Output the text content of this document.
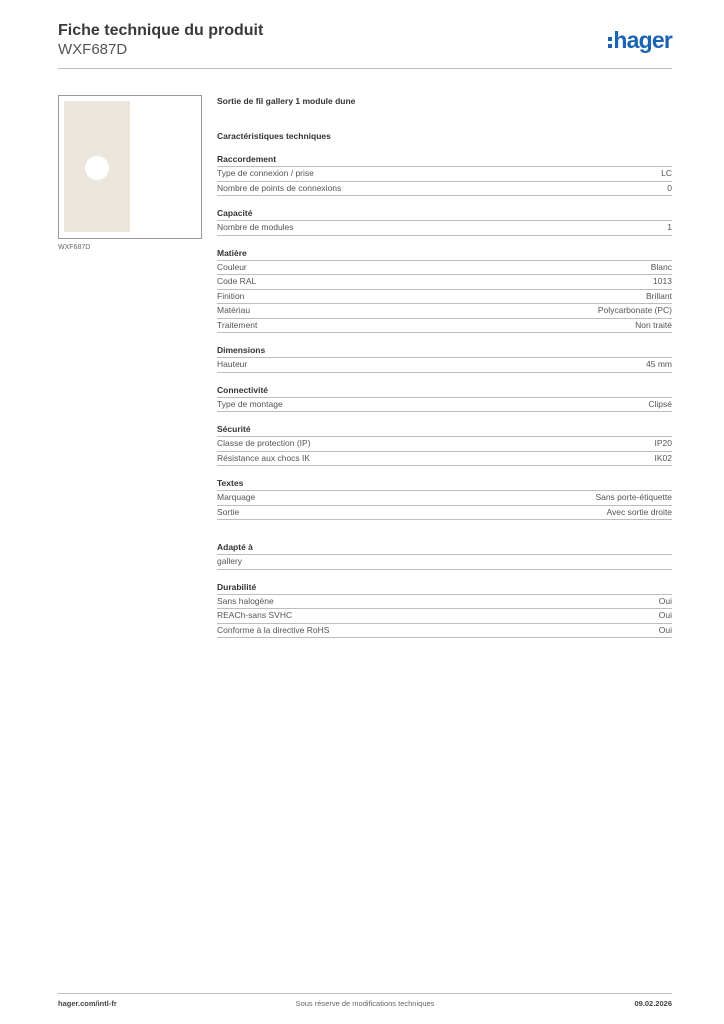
Fiche technique du produit
WXF687D	hager
WXF687D
Sortie de fil gallery 1 module dune
Caractéristiques techniques
Raccordement
Type de connexion / prise	LC
Nombre de points de connexions	0
Capacité
Nombre de modules	1
Matière
Couleur	Blanc
Code RAL	1013
Finition	Brillant
Matériau	Polycarbonate (PC)
Traitement	Non traité
Dimensions
Hauteur	45 mm
Connectivité
Type de montage	Clipsé
Sécurité
Classe de protection (IP)	IP20
Résistance aux chocs IK	IK02
Textes
Marquage	Sans porte-étiquette
Sortie	Avec sortie droite
Adapté à
gallery
Durabilité
Sans halogène	Oui
REACh-sans SVHC	Oui
Conforme à la directive RoHS	Oui
hager.com/intl-fr	Sous réserve de modifications techniques	09.02.2026
